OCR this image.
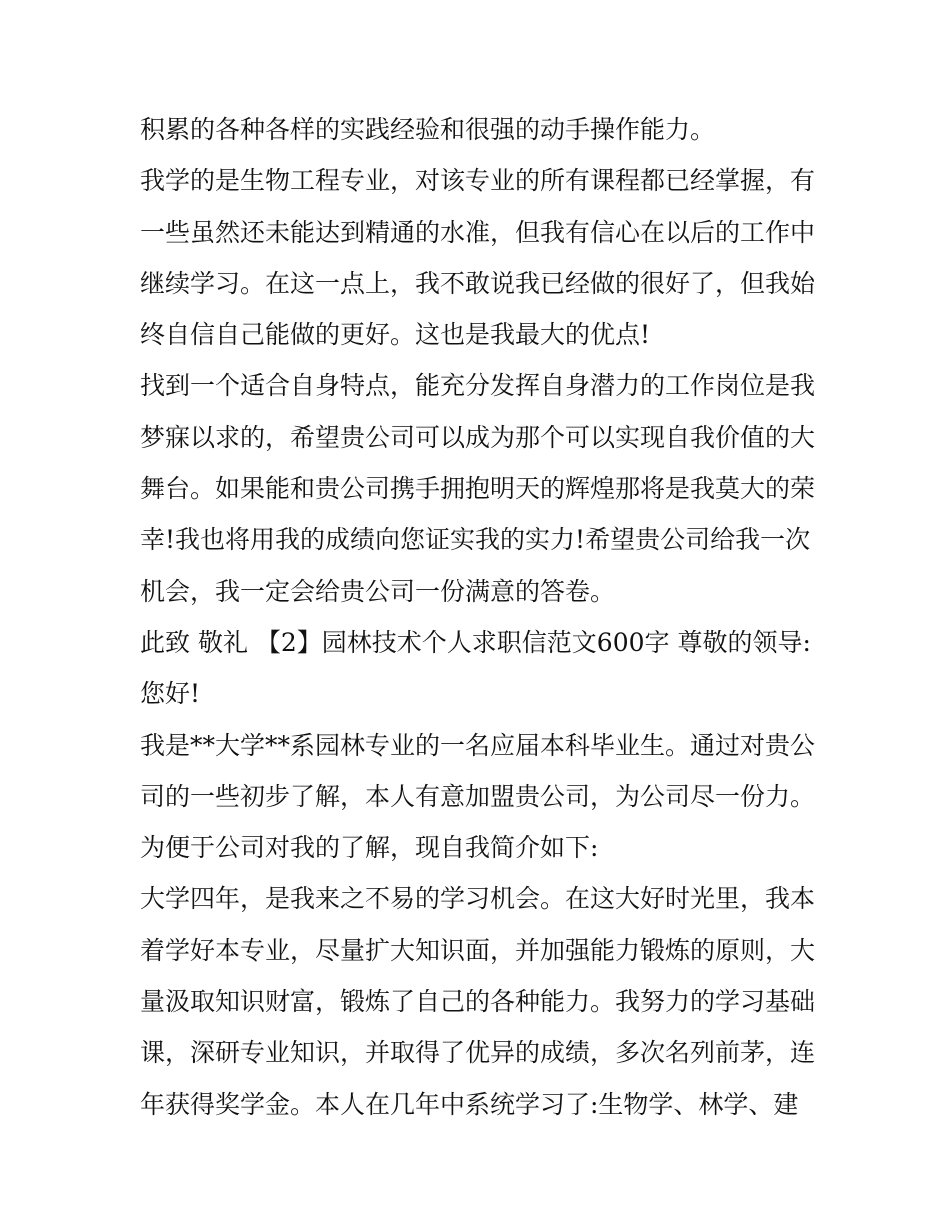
积累的各种各样的实践经验和很强的动手操作能力。
我学的是生物工程专业，对该专业的所有课程都已经掌握，有
一些虽然还未能达到精通的水准，但我有信心在以后的工作中
继续学习。在这一点上，我不敢说我已经做的很好了，但我始
终自信自己能做的更好。这也是我最大的优点!
找到一个适合自身特点，能充分发挥自身潜力的工作岗位是我
梦寐以求的，希望贵公司可以成为那个可以实现自我价值的大
舞台。如果能和贵公司携手拥抱明天的辉煌那将是我莫大的荣
幸!我也将用我的成绩向您证实我的实力!希望贵公司给我一次
机会，我一定会给贵公司一份满意的答卷。
此致 敬礼 【2】园林技术个人求职信范文600字 尊敬的领导:
您好!
我是**大学**系园林专业的一名应届本科毕业生。通过对贵公
司的一些初步了解，本人有意加盟贵公司，为公司尽一份力。
为便于公司对我的了解，现自我简介如下:
大学四年，是我来之不易的学习机会。在这大好时光里，我本
着学好本专业，尽量扩大知识面，并加强能力锻炼的原则，大
量汲取知识财富，锻炼了自己的各种能力。我努力的学习基础
课，深研专业知识，并取得了优异的成绩，多次名列前茅，连
年获得奖学金。本人在几年中系统学习了:生物学、林学、建
